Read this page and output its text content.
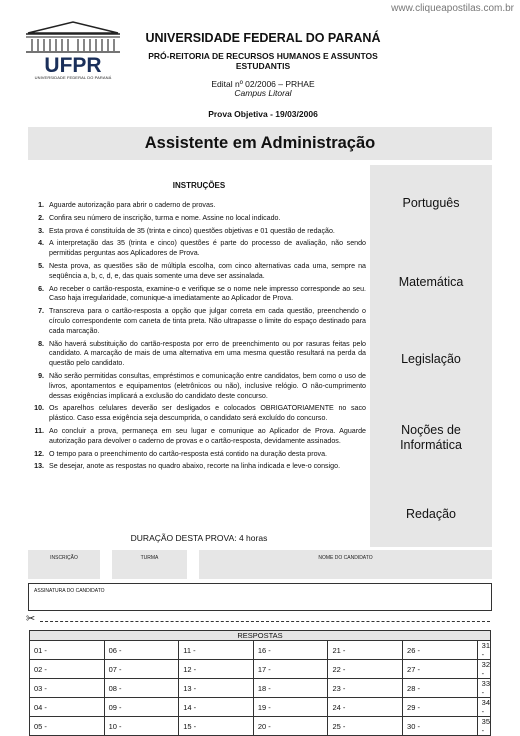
www.cliqueapostilas.com.br
UFPR
UNIVERSIDADE FEDERAL DO PARANÁ
UNIVERSIDADE FEDERAL DO PARANÁ
PRÓ-REITORIA DE RECURSOS HUMANOS E ASSUNTOS ESTUDANTIS
Edital nº 02/2006 – PRHAE
Campus Litoral
Prova Objetiva - 19/03/2006
Assistente em Administração
Português
Matemática
Legislação
Noções de Informática
Redação
INSTRUÇÕES
1. Aguarde autorização para abrir o caderno de provas.
2. Confira seu número de inscrição, turma e nome. Assine no local indicado.
3. Esta prova é constituída de 35 (trinta e cinco) questões objetivas e 01 questão de redação.
4. A interpretação das 35 (trinta e cinco) questões é parte do processo de avaliação, não sendo permitidas perguntas aos Aplicadores de Prova.
5. Nesta prova, as questões são de múltipla escolha, com cinco alternativas cada uma, sempre na seqüência a, b, c, d, e, das quais somente uma deve ser assinalada.
6. Ao receber o cartão-resposta, examine-o e verifique se o nome nele impresso corresponde ao seu. Caso haja irregularidade, comunique-a imediatamente ao Aplicador de Prova.
7. Transcreva para o cartão-resposta a opção que julgar correta em cada questão, preenchendo o círculo correspondente com caneta de tinta preta. Não ultrapasse o limite do espaço destinado para cada marcação.
8. Não haverá substituição do cartão-resposta por erro de preenchimento ou por rasuras feitas pelo candidato. A marcação de mais de uma alternativa em uma mesma questão resultará na perda da questão pelo candidato.
9. Não serão permitidas consultas, empréstimos e comunicação entre candidatos, bem como o uso de livros, apontamentos e equipamentos (eletrônicos ou não), inclusive relógio. O não-cumprimento dessas exigências implicará a exclusão do candidato deste concurso.
10. Os aparelhos celulares deverão ser desligados e colocados OBRIGATORIAMENTE no saco plástico. Caso essa exigência seja descumprida, o candidato será excluído do concurso.
11. Ao concluir a prova, permaneça em seu lugar e comunique ao Aplicador de Prova. Aguarde autorização para devolver o caderno de provas e o cartão-resposta, devidamente assinados.
12. O tempo para o preenchimento do cartão-resposta está contido na duração desta prova.
13. Se desejar, anote as respostas no quadro abaixo, recorte na linha indicada e leve-o consigo.
DURAÇÃO DESTA PROVA: 4 horas
INSCRIÇÃO	TURMA	NOME DO CANDIDATO
ASSINATURA DO CANDIDATO
✂
RESPOSTAS						
01 -	06 -	11 -	16 -	21 -	26 -	31 -
02 -	07 -	12 -	17 -	22 -	27 -	32 -
03 -	08 -	13 -	18 -	23 -	28 -	33 -
04 -	09 -	14 -	19 -	24 -	29 -	34 -
05 -	10 -	15 -	20 -	25 -	30 -	35 -
